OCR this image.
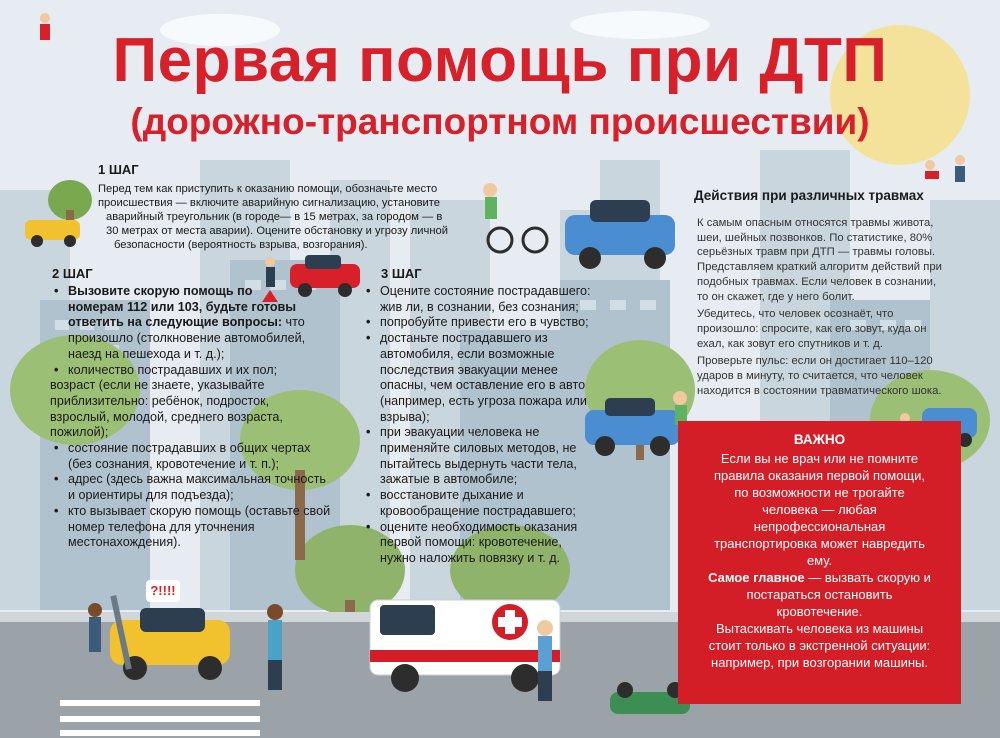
Первая помощь при ДТП
(дорожно-транспортном происшествии)
1 ШАГ
Перед тем как приступить к оказанию помощи, обозначьте место
происшествия — включите аварийную сигнализацию, установите
аварийный треугольник (в городе— в 15 метрах, за городом — в
30 метрах от места аварии). Оцените обстановку и угрозу личной
безопасности (вероятность взрыва, возгорания).
2 ШАГ
• Вызовите скорую помощь по
номерам 112 или 103, будьте готовы
ответить на следующие вопросы: что
произошло (столкновение автомобилей,
наезд на пешехода и т. д.);
• количество пострадавших и их пол;
возраст (если не знаете, указывайте
приблизительно: ребёнок, подросток,
взрослый, молодой, среднего возраста,
пожилой);
• состояние пострадавших в общих чертах
(без сознания, кровотечение и т. п.);
• адрес (здесь важна максимальная точность
и ориентиры для подъезда);
• кто вызывает скорую помощь (оставьте свой
номер телефона для уточнения
местонахождения).
3 ШАГ
• Оцените состояние пострадавшего:
жив ли, в сознании, без сознания;
• попробуйте привести его в чувство;
• достаньте пострадавшего из
автомобиля, если возможные
последствия эвакуации менее
опасны, чем оставление его в авто
(например, есть угроза пожара или
взрыва);
• при эвакуации человека не
применяйте силовых методов, не
пытайтесь выдернуть части тела,
зажатые в автомобиле;
• восстановите дыхание и
кровообращение пострадавшего;
• оцените необходимость оказания
первой помощи: кровотечение,
нужно наложить повязку и т. д.
Действия при различных травмах

К самым опасным относятся травмы живота,
шеи, шейных позвонков. По статистике, 80%
серьёзных травм при ДТП — травмы головы.
Представляем краткий алгоритм действий при
подобных травмах. Если человек в сознании,
то он скажет, где у него болит.

Убедитесь, что человек осознаёт, что
произошло: спросите, как его зовут, куда он
ехал, как зовут его спутников и т. д.

Проверьте пульс: если он достигает 110–120
ударов в минуту, то считается, что человек
находится в состоянии травматического шока.

ВАЖНО

Если вы не врач или не помните
правила оказания первой помощи,
по возможности не трогайте
человека — любая
непрофессиональная
транспортировка может навредить
ему.

Самое главное — вызвать скорую и
постараться остановить
кровотечение.

Вытаскивать человека из машины
стоит только в экстренной ситуации:
например, при возгорании машины.

?!!!!
